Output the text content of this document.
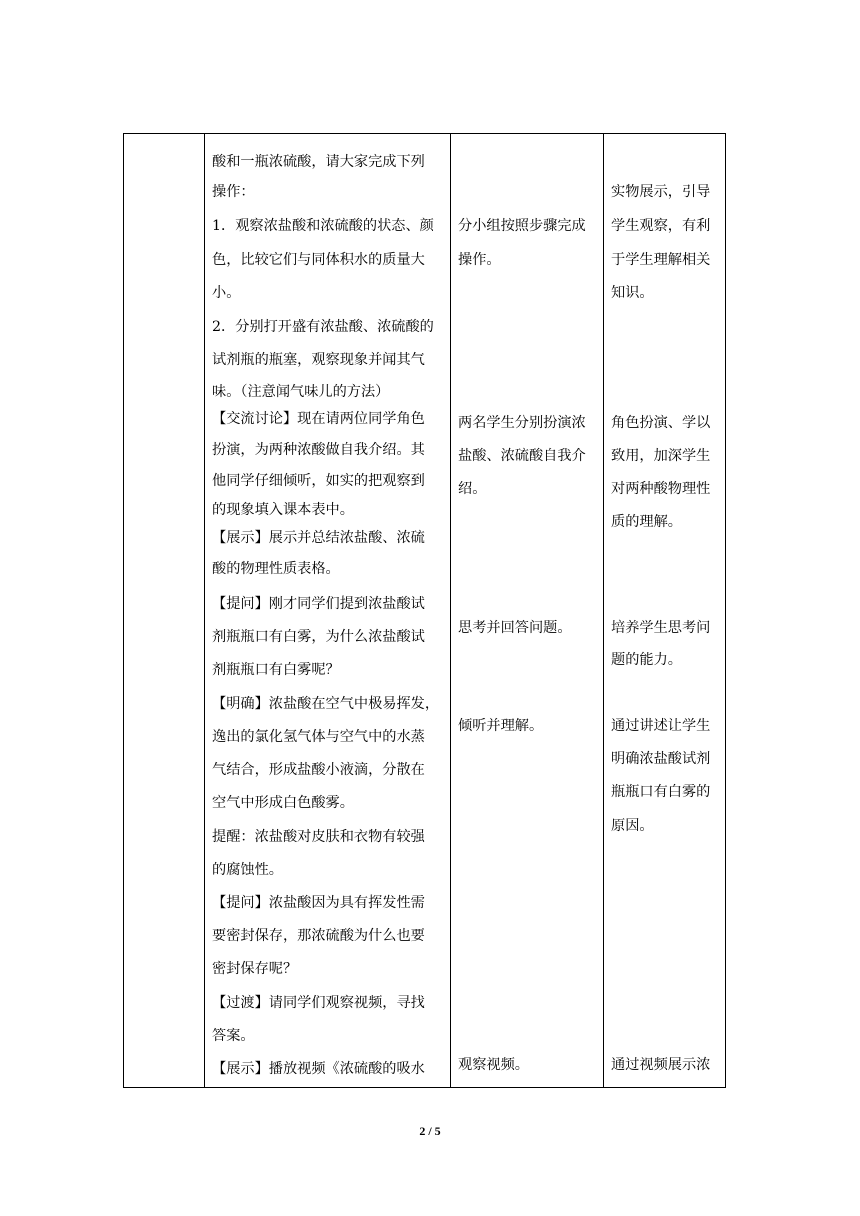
酸和一瓶浓硫酸，请大家完成下列
操作：
1．观察浓盐酸和浓硫酸的状态、颜
色，比较它们与同体积水的质量大
小。
2．分别打开盛有浓盐酸、浓硫酸的
试剂瓶的瓶塞，观察现象并闻其气
味。（注意闻气味儿的方法）
【交流讨论】现在请两位同学角色
扮演，为两种浓酸做自我介绍。其
他同学仔细倾听，如实的把观察到
的现象填入课本表中。
【展示】展示并总结浓盐酸、浓硫
酸的物理性质表格。
【提问】刚才同学们提到浓盐酸试
剂瓶瓶口有白雾，为什么浓盐酸试
剂瓶瓶口有白雾呢？
【明确】浓盐酸在空气中极易挥发，
逸出的氯化氢气体与空气中的水蒸
气结合，形成盐酸小液滴，分散在
空气中形成白色酸雾。
提醒：浓盐酸对皮肤和衣物有较强
的腐蚀性。
【提问】浓盐酸因为具有挥发性需
要密封保存，那浓硫酸为什么也要
密封保存呢？
【过渡】请同学们观察视频，寻找
答案。
【展示】播放视频《浓硫酸的吸水
分小组按照步骤完成
操作。
两名学生分别扮演浓
盐酸、浓硫酸自我介
绍。
思考并回答问题。
倾听并理解。
观察视频。
实物展示，引导
学生观察，有利
于学生理解相关
知识。
角色扮演、学以
致用，加深学生
对两种酸物理性
质的理解。
培养学生思考问
题的能力。
通过讲述让学生
明确浓盐酸试剂
瓶瓶口有白雾的
原因。
通过视频展示浓
2 / 5
